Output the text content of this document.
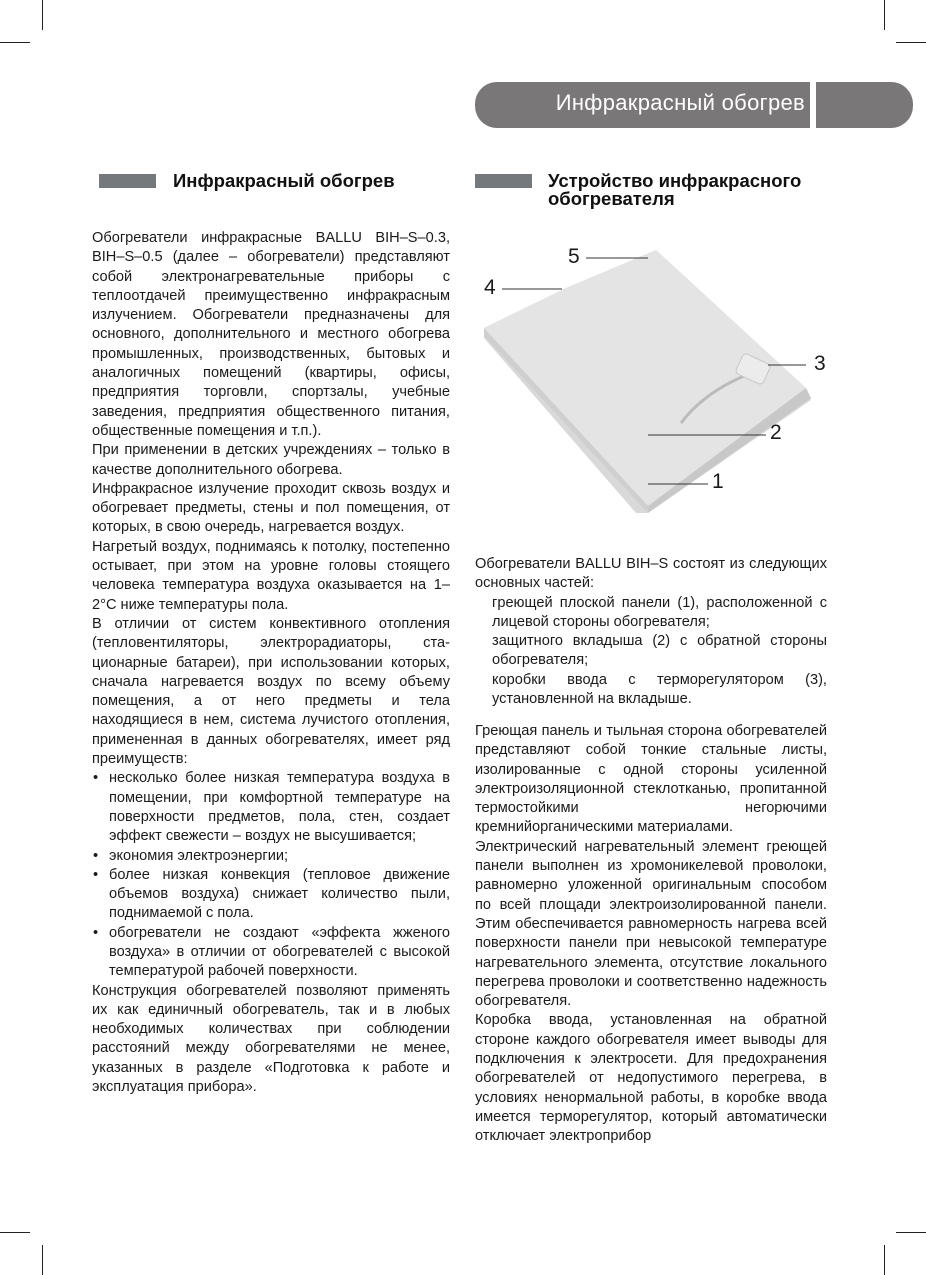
Инфракрасный обогрев
Инфракрасный обогрев

Обогреватели инфракрасные BALLU BIH–S–0.3, BIH–S–0.5 (далее – обогреватели) представляют собой электронагревательные приборы с теплоотдачей преимущественно инфракрасным излучением. Обогреватели предназначены для основного, дополнительного и местного обогрева промышленных, производственных, бытовых и аналогичных помещений (квартиры, офисы, предприятия торговли, спортзалы, учебные заведения, предприятия общественного питания, общественные помещения и т.п.).

При применении в детских учреждениях – только в качестве дополнительного обогрева.

Инфракрасное излучение проходит сквозь воздух и обогревает предметы, стены и пол помещения, от которых, в свою очередь, нагревается воздух.

Нагретый воздух, поднимаясь к потолку, постепенно остывает, при этом на уровне головы стоящего человека температура воздуха оказывается на 1–2°С ниже температуры пола.

В отличии от систем конвективного отопления (тепловентиляторы, электрорадиаторы, стационарные батареи), при использовании которых, сначала нагревается воздух по всему объему помещения, а от него предметы и тела находящиеся в нем, система лучистого отопления, примененная в данных обогревателях, имеет ряд преимуществ:

• несколько более низкая температура воздуха в помещении, при комфортной температуре на поверхности предметов, пола, стен, создает эффект свежести – воздух не высушивается;
• экономия электроэнергии;
• более низкая конвекция (тепловое движение объемов воздуха) снижает количество пыли, поднимаемой с пола.
• обогреватели не создают «эффекта жженого воздуха» в отличии от обогревателей с высокой температурой рабочей поверхности.

Конструкция обогревателей позволяют применять их как единичный обогреватель, так и в любых необходимых количествах при соблюдении расстояний между обогревателями не менее, указанных в разделе «Подготовка к работе и эксплуатация прибора».

Устройство инфракрасного
обогревателя
1
2
3
4
5

Обогреватели BALLU BIH–S состоят из следующих основных частей:

греющей плоской панели (1), расположенной с лицевой стороны обогревателя;

защитного вкладыша (2) с обратной стороны обогревателя;

коробки ввода с терморегулятором (3), установленной на вкладыше.

Греющая панель и тыльная сторона обогревателей представляют собой тонкие стальные листы, изолированные с одной стороны усиленной электроизоляционной стеклотканью, пропитанной термостойкими негорючими кремнийорганическими материалами.

Электрический нагревательный элемент греющей панели выполнен из хромоникелевой проволоки, равномерно уложенной оригинальным способом по всей площади электроизолированной панели. Этим обеспечивается равномерность нагрева всей поверхности панели при невысокой температуре нагревательного элемента, отсутствие локального перегрева проволоки и соответственно надежность обогревателя.

Коробка ввода, установленная на обратной стороне каждого обогревателя имеет выводы для подключения к электросети. Для предохранения обогревателей от недопустимого перегрева, в условиях ненормальной работы, в коробке ввода имеется терморегулятор, который автоматически отключает электроприбор
